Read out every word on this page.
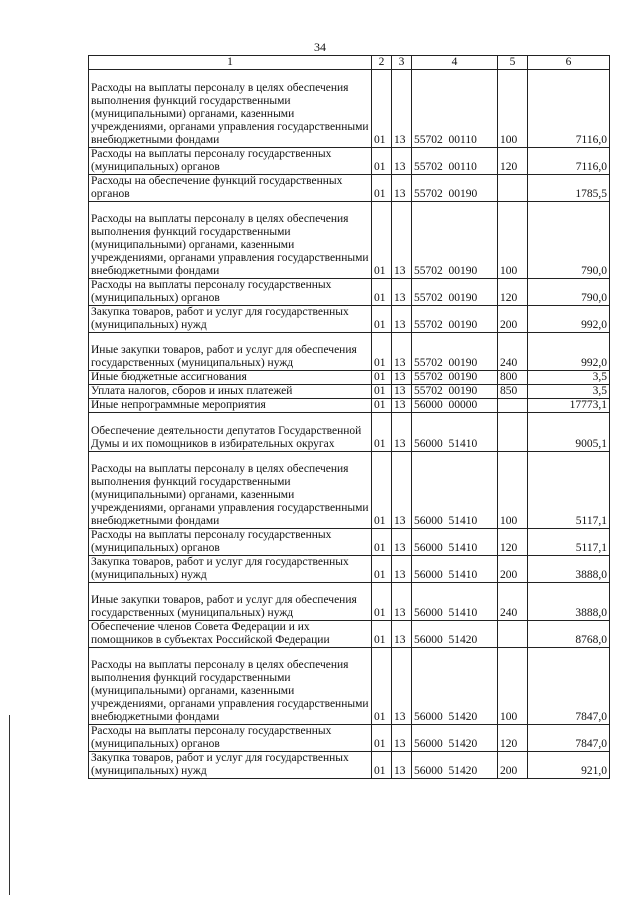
34
1	2	3	4	5	6
Расходы на выплаты персоналу в целях обеспечения выполнения функций государственными (муниципальными) органами, казенными учреждениями, органами управления государственными внебюджетными фондами	01	13	55702  00110	100	7116,0
Расходы на выплаты персоналу государственных (муниципальных) органов	01	13	55702  00110	120	7116,0
Расходы на обеспечение функций государственных органов	01	13	55702  00190		1785,5
Расходы на выплаты персоналу в целях обеспечения выполнения функций государственными (муниципальными) органами, казенными учреждениями, органами управления государственными внебюджетными фондами	01	13	55702  00190	100	790,0
Расходы на выплаты персоналу государственных (муниципальных) органов	01	13	55702  00190	120	790,0
Закупка товаров, работ и услуг для государственных (муниципальных) нужд	01	13	55702  00190	200	992,0
Иные закупки товаров, работ и услуг для обеспечения государственных (муниципальных) нужд	01	13	55702  00190	240	992,0
Иные бюджетные ассигнования	01	13	55702  00190	800	3,5
Уплата налогов, сборов и иных платежей	01	13	55702  00190	850	3,5
Иные непрограммные мероприятия	01	13	56000  00000		17773,1
Обеспечение деятельности депутатов Государственной Думы и их помощников в избирательных округах	01	13	56000  51410		9005,1
Расходы на выплаты персоналу в целях обеспечения выполнения функций государственными (муниципальными) органами, казенными учреждениями, органами управления государственными внебюджетными фондами	01	13	56000  51410	100	5117,1
Расходы на выплаты персоналу государственных (муниципальных) органов	01	13	56000  51410	120	5117,1
Закупка товаров, работ и услуг для государственных (муниципальных) нужд	01	13	56000  51410	200	3888,0
Иные закупки товаров, работ и услуг для обеспечения государственных (муниципальных) нужд	01	13	56000  51410	240	3888,0
Обеспечение членов Совета Федерации и их помощников в субъектах Российской Федерации	01	13	56000  51420		8768,0
Расходы на выплаты персоналу в целях обеспечения выполнения функций государственными (муниципальными) органами, казенными учреждениями, органами управления государственными внебюджетными фондами	01	13	56000  51420	100	7847,0
Расходы на выплаты персоналу государственных (муниципальных) органов	01	13	56000  51420	120	7847,0
Закупка товаров, работ и услуг для государственных (муниципальных) нужд	01	13	56000  51420	200	921,0
